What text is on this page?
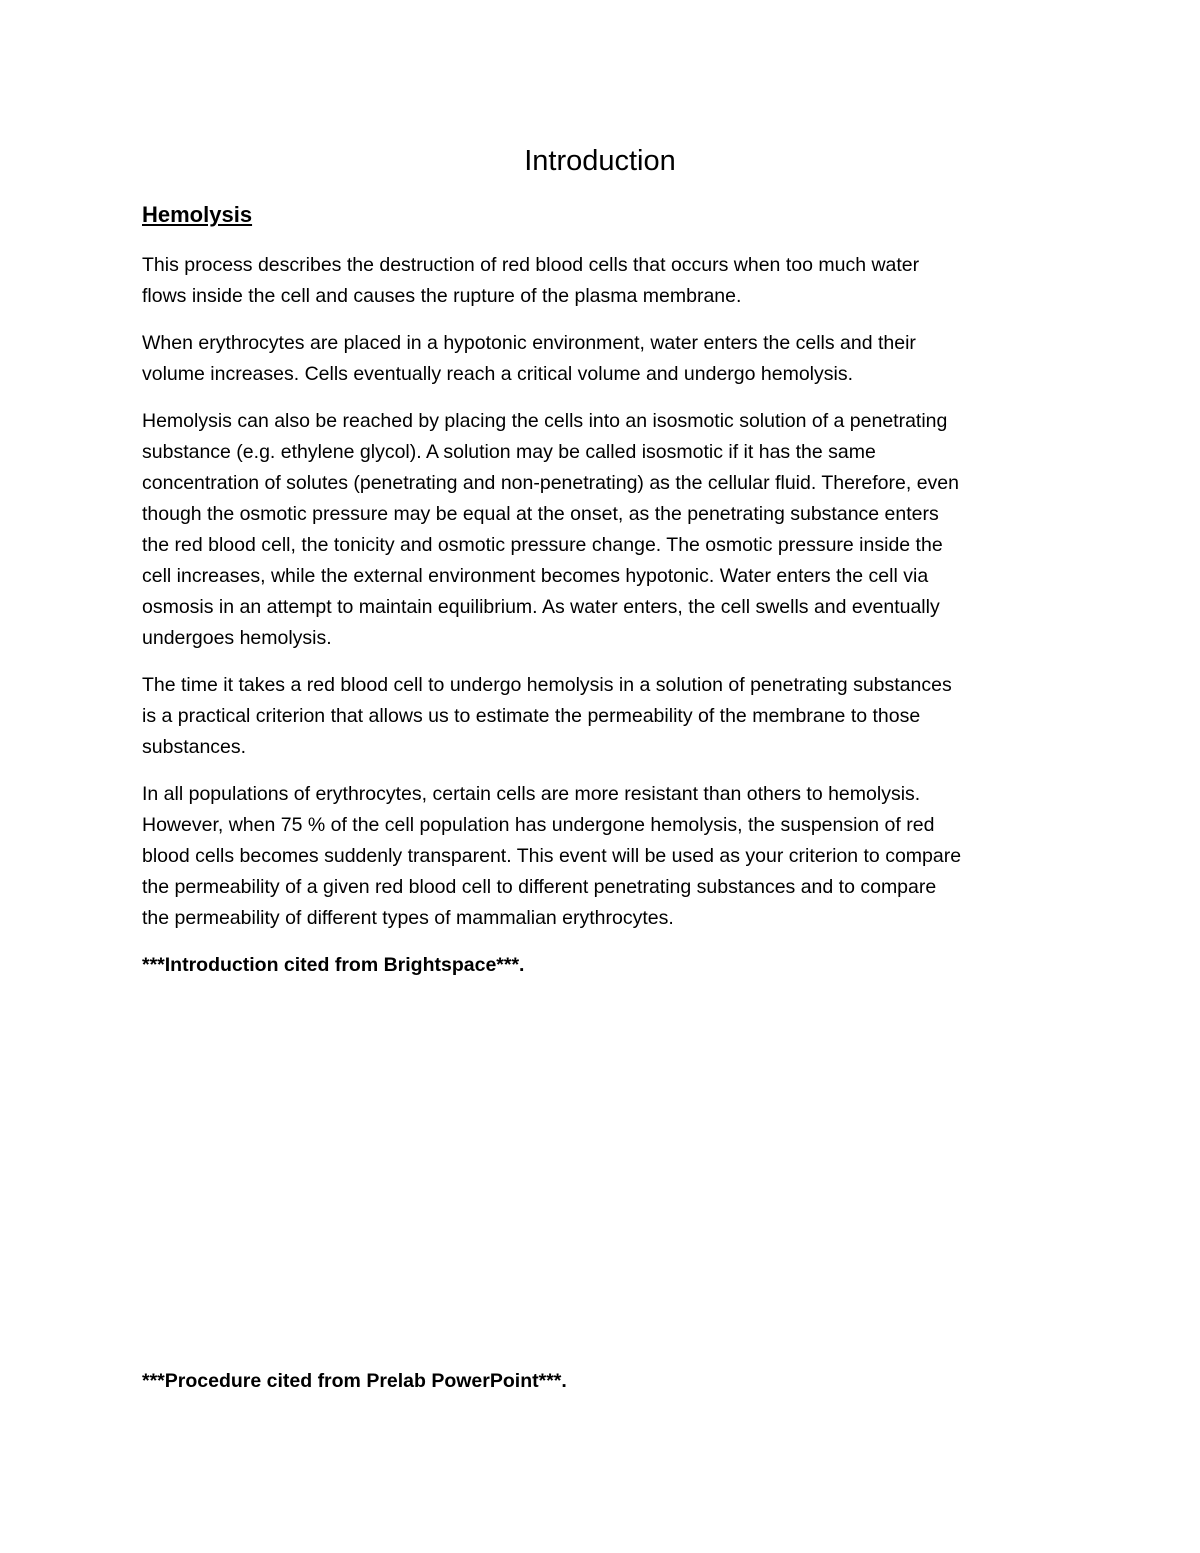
Introduction
Hemolysis

This process describes the destruction of red blood cells that occurs when too much water
flows inside the cell and causes the rupture of the plasma membrane.

When erythrocytes are placed in a hypotonic environment, water enters the cells and their
volume increases. Cells eventually reach a critical volume and undergo hemolysis.

Hemolysis can also be reached by placing the cells into an isosmotic solution of a penetrating
substance (e.g. ethylene glycol). A solution may be called isosmotic if it has the same
concentration of solutes (penetrating and non-penetrating) as the cellular fluid. Therefore, even
though the osmotic pressure may be equal at the onset, as the penetrating substance enters
the red blood cell, the tonicity and osmotic pressure change. The osmotic pressure inside the
cell increases, while the external environment becomes hypotonic. Water enters the cell via
osmosis in an attempt to maintain equilibrium. As water enters, the cell swells and eventually
undergoes hemolysis.

The time it takes a red blood cell to undergo hemolysis in a solution of penetrating substances
is a practical criterion that allows us to estimate the permeability of the membrane to those
substances.

In all populations of erythrocytes, certain cells are more resistant than others to hemolysis.
However, when 75 % of the cell population has undergone hemolysis, the suspension of red
blood cells becomes suddenly transparent. This event will be used as your criterion to compare
the permeability of a given red blood cell to different penetrating substances and to compare
the permeability of different types of mammalian erythrocytes.

***Introduction cited from Brightspace***.

***Procedure cited from Prelab PowerPoint***.
